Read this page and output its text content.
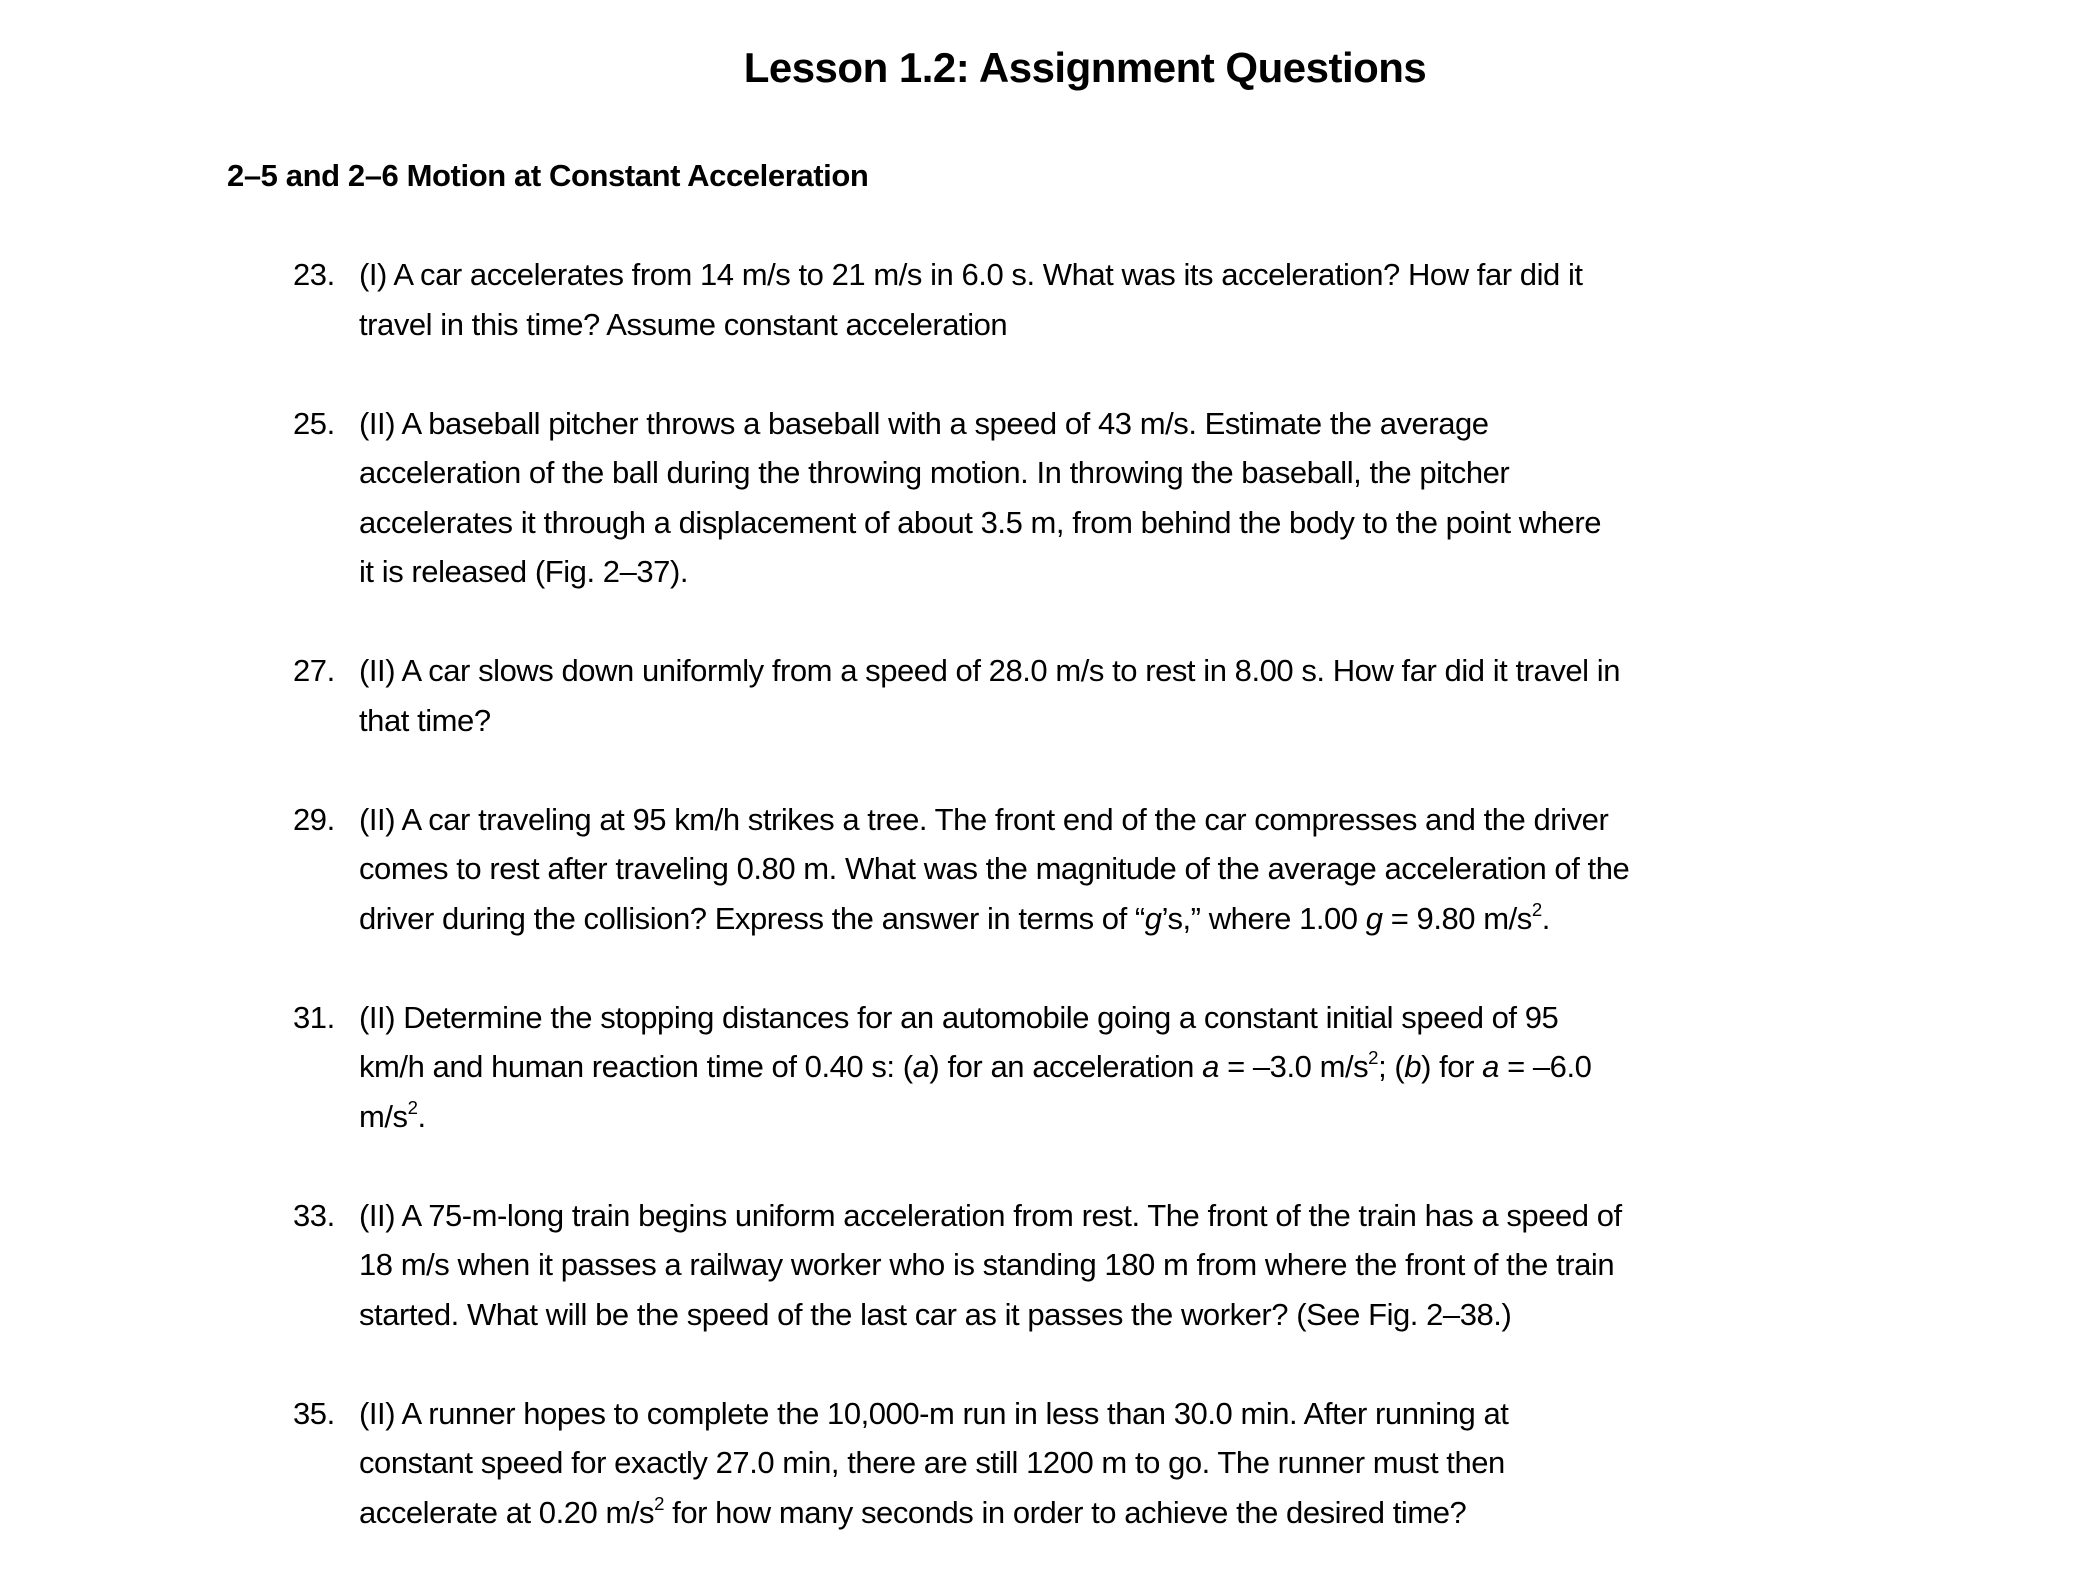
Lesson 1.2: Assignment Questions
2–5 and 2–6 Motion at Constant Acceleration
23. (I) A car accelerates from 14 m/s to 21 m/s in 6.0 s. What was its acceleration? How far did it
travel in this time? Assume constant acceleration
25. (II) A baseball pitcher throws a baseball with a speed of 43 m/s. Estimate the average
acceleration of the ball during the throwing motion. In throwing the baseball, the pitcher
accelerates it through a displacement of about 3.5 m, from behind the body to the point where
it is released (Fig. 2–37).
27. (II) A car slows down uniformly from a speed of 28.0 m/s to rest in 8.00 s. How far did it travel in
that time?
29. (II) A car traveling at 95 km/h strikes a tree. The front end of the car compresses and the driver
comes to rest after traveling 0.80 m. What was the magnitude of the average acceleration of the
driver during the collision? Express the answer in terms of “g’s,” where 1.00 g = 9.80 $m/s^2$.
31. (II) Determine the stopping distances for an automobile going a constant initial speed of 95
km/h and human reaction time of 0.40 s: (a) for an acceleration a = –3.0 $m/s^2$; (b) for a = –6.0
$m/s^2$.
33. (II) A 75-m-long train begins uniform acceleration from rest. The front of the train has a speed of
18 m/s when it passes a railway worker who is standing 180 m from where the front of the train
started. What will be the speed of the last car as it passes the worker? (See Fig. 2–38.)
35. (II) A runner hopes to complete the 10,000-m run in less than 30.0 min. After running at
constant speed for exactly 27.0 min, there are still 1200 m to go. The runner must then
accelerate at 0.20 $m/s^2$ for how many seconds in order to achieve the desired time?
